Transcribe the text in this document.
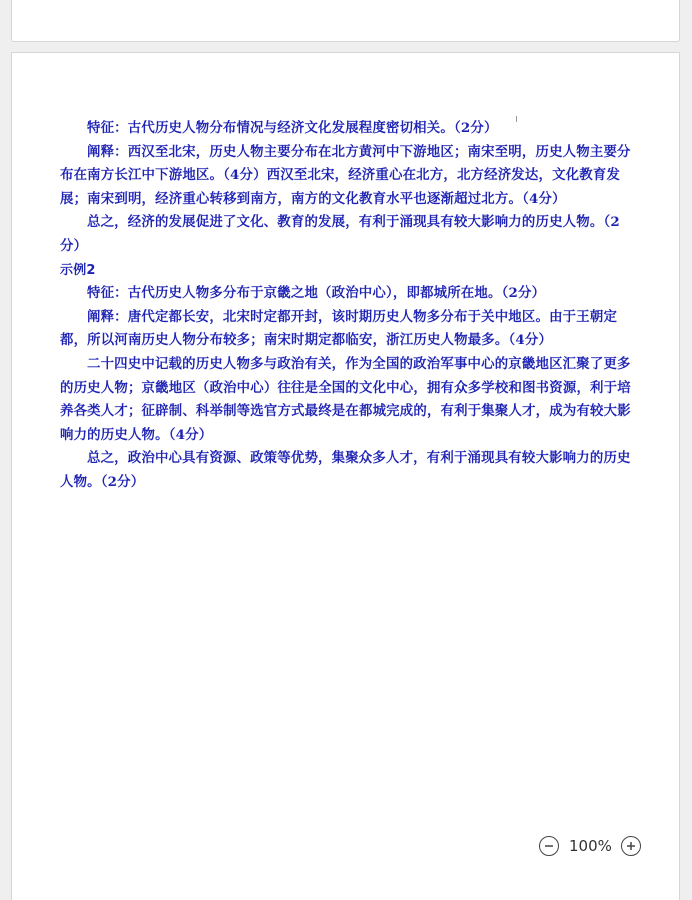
特征：古代历史人物分布情况与经济文化发展程度密切相关。（2分）

阐释：西汉至北宋，历史人物主要分布在北方黄河中下游地区；南宋至明，历史人物主要分布在南方长江中下游地区。（4分）西汉至北宋，经济重心在北方，北方经济发达，文化教育发展；南宋到明，经济重心转移到南方，南方的文化教育水平也逐渐超过北方。（4分）

总之，经济的发展促进了文化、教育的发展，有利于涌现具有较大影响力的历史人物。（2分）

示例2

特征：古代历史人物多分布于京畿之地（政治中心），即都城所在地。（2分）

阐释：唐代定都长安，北宋时定都开封，该时期历史人物多分布于关中地区。由于王朝定都，所以河南历史人物分布较多；南宋时期定都临安，浙江历史人物最多。（4分）

二十四史中记载的历史人物多与政治有关，作为全国的政治军事中心的京畿地区汇聚了更多的历史人物；京畿地区（政治中心）往往是全国的文化中心，拥有众多学校和图书资源，利于培养各类人才；征辟制、科举制等选官方式最终是在都城完成的，有利于集聚人才，成为有较大影响力的历史人物。（4分）

总之，政治中心具有资源、政策等优势，集聚众多人才，有利于涌现具有较大影响力的历史人物。（2分）

100%
